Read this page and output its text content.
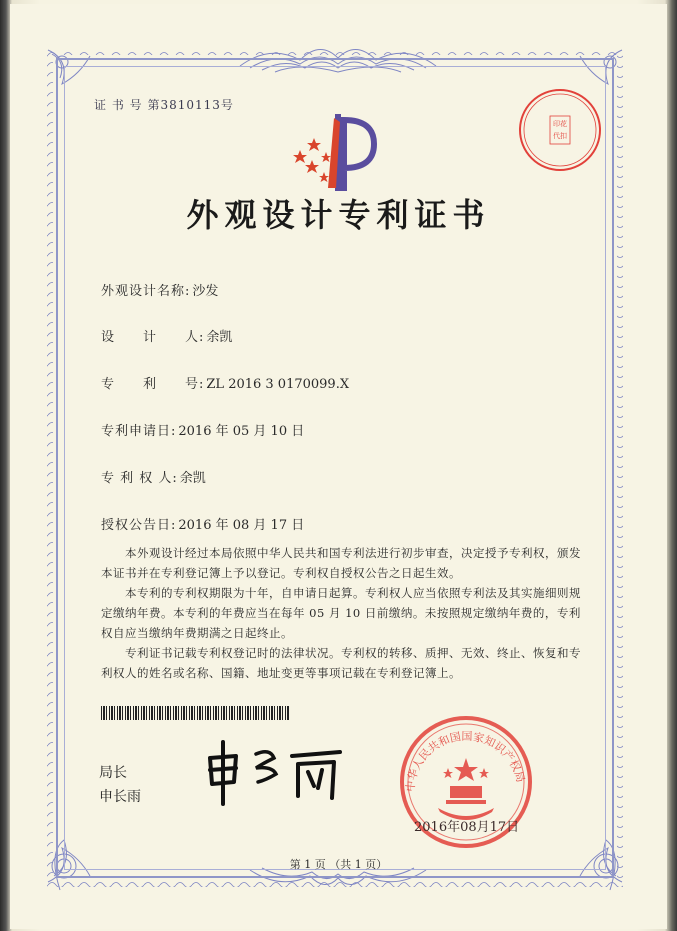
证 书 号 第3810113号
印花
代扣
外观设计专利证书
外观设计名称: 沙发
设　　计　　人: 余凯
专　　利　　号: ZL 2016 3 0170099.X
专利申请日: 2016 年 05 月 10 日
专 利 权 人: 余凯
授权公告日: 2016 年 08 月 17 日
本外观设计经过本局依照中华人民共和国专利法进行初步审查，决定授予专利权，颁发本证书并在专利登记簿上予以登记。专利权自授权公告之日起生效。
本专利的专利权期限为十年，自申请日起算。专利权人应当依照专利法及其实施细则规定缴纳年费。本专利的年费应当在每年 05 月 10 日前缴纳。未按照规定缴纳年费的，专利权自应当缴纳年费期满之日起终止。
专利证书记载专利权登记时的法律状况。专利权的转移、质押、无效、终止、恢复和专利权人的姓名或名称、国籍、地址变更等事项记载在专利登记簿上。
局长
申长雨
中华人民共和国国家知识产权局
2016年08月17日
第 1 页 （共 1 页）
